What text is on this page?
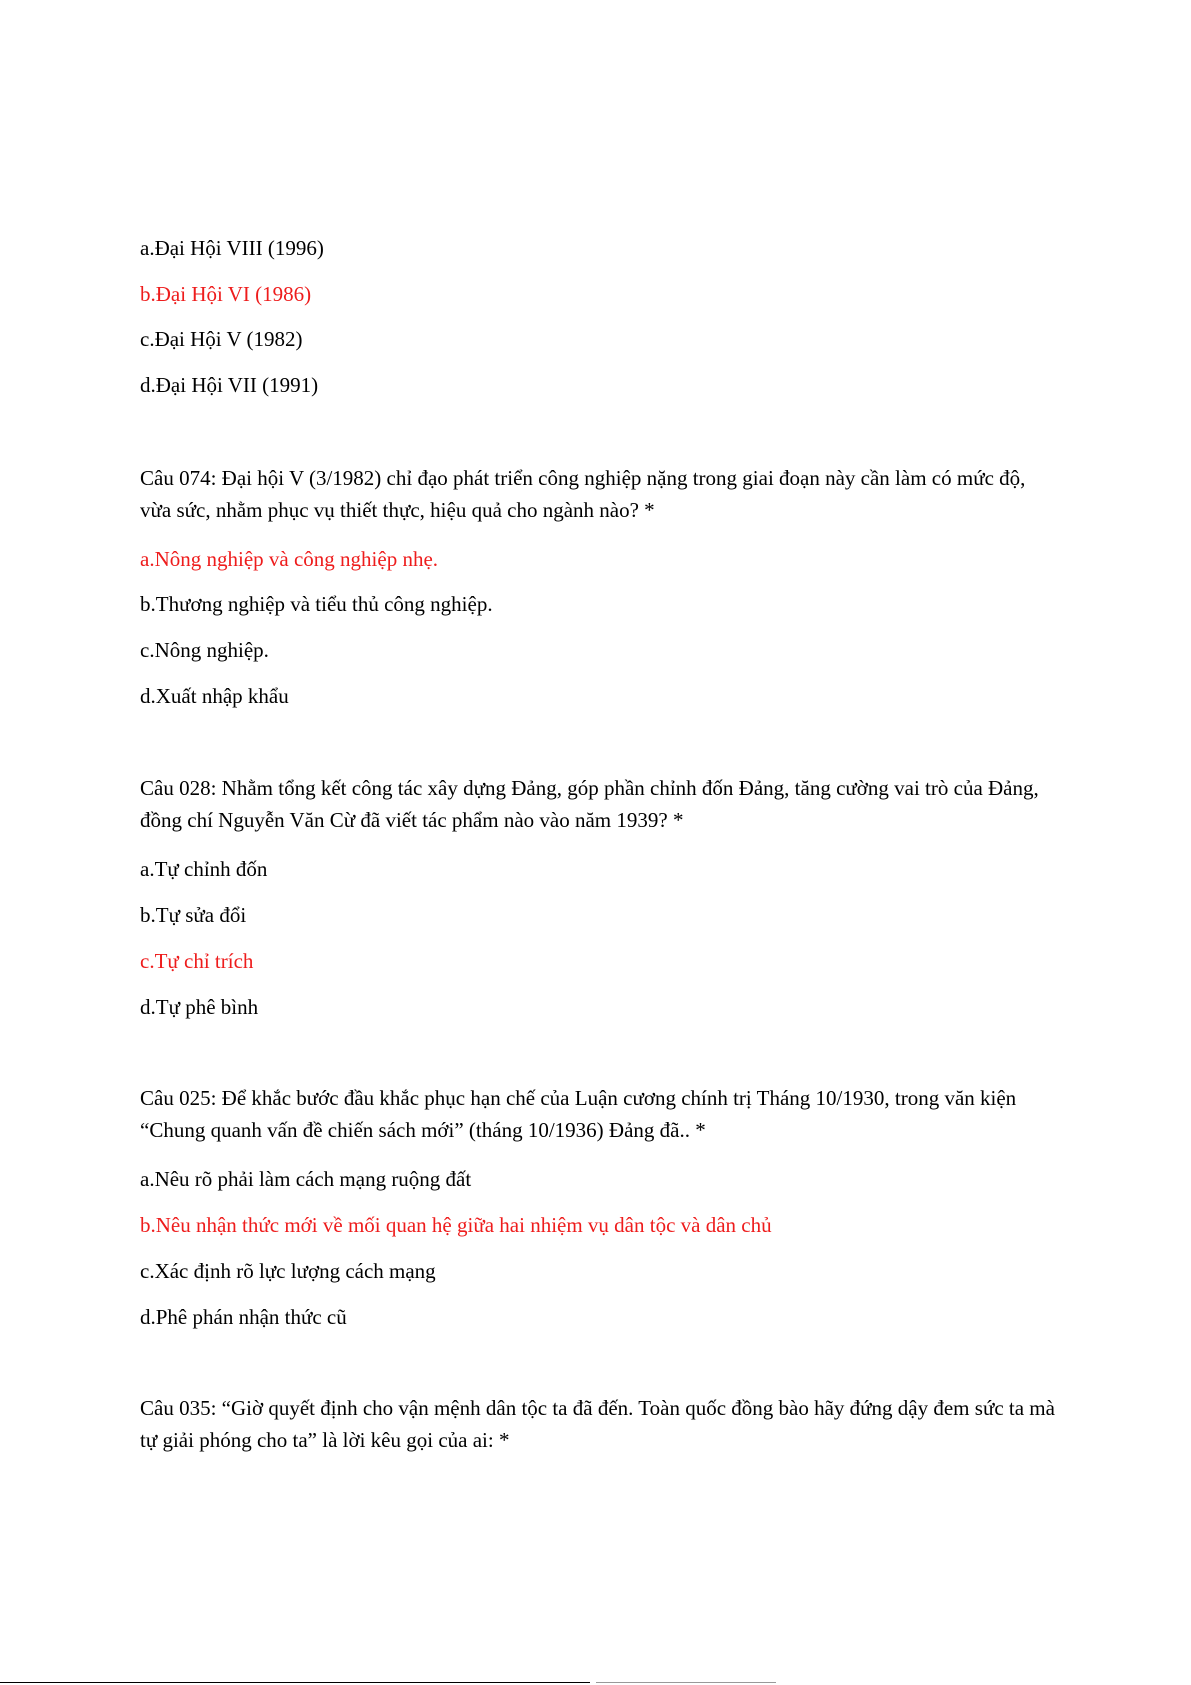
a.Đại Hội VIII (1996)

b.Đại Hội VI (1986)

c.Đại Hội V (1982)

d.Đại Hội VII (1991)

Câu 074: Đại hội V (3/1982) chỉ đạo phát triển công nghiệp nặng trong giai đoạn này cần làm có mức độ, vừa sức, nhằm phục vụ thiết thực, hiệu quả cho ngành nào? *

a.Nông nghiệp và công nghiệp nhẹ.

b.Thương nghiệp và tiểu thủ công nghiệp.

c.Nông nghiệp.

d.Xuất nhập khẩu

Câu 028: Nhằm tổng kết công tác xây dựng Đảng, góp phần chỉnh đốn Đảng, tăng cường vai trò của Đảng, đồng chí Nguyễn Văn Cừ đã viết tác phẩm nào vào năm 1939? *

a.Tự chỉnh đốn

b.Tự sửa đổi

c.Tự chỉ trích

d.Tự phê bình

Câu 025: Để khắc bước đầu khắc phục hạn chế của Luận cương chính trị Tháng 10/1930, trong văn kiện “Chung quanh vấn đề chiến sách mới” (tháng 10/1936) Đảng đã.. *

a.Nêu rõ phải làm cách mạng ruộng đất

b.Nêu nhận thức mới về mối quan hệ giữa hai nhiệm vụ dân tộc và dân chủ

c.Xác định rõ lực lượng cách mạng

d.Phê phán nhận thức cũ

Câu 035: “Giờ quyết định cho vận mệnh dân tộc ta đã đến. Toàn quốc đồng bào hãy đứng dậy đem sức ta mà tự giải phóng cho ta” là lời kêu gọi của ai: *
